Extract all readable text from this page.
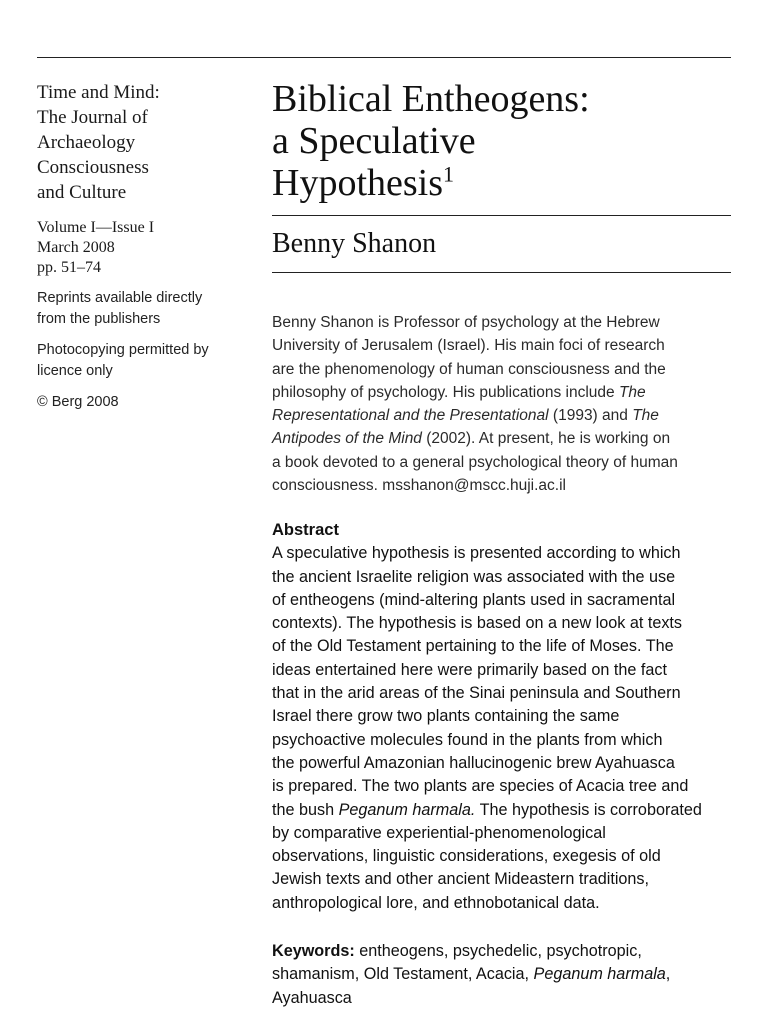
Time and Mind:
The Journal of
Archaeology
Consciousness
and Culture
Volume I—Issue I
March 2008
pp. 51–74
Reprints available directly
from the publishers
Photocopying permitted by
licence only
© Berg 2008
Biblical Entheogens:
a Speculative
Hypothesis$^1$
Benny Shanon
Benny Shanon is Professor of psychology at the Hebrew
University of Jerusalem (Israel). His main foci of research
are the phenomenology of human consciousness and the
philosophy of psychology. His publications include The
Representational and the Presentational (1993) and The
Antipodes of the Mind (2002). At present, he is working on
a book devoted to a general psychological theory of human
consciousness. msshanon@mscc.huji.ac.il
Abstract
A speculative hypothesis is presented according to which
the ancient Israelite religion was associated with the use
of entheogens (mind-altering plants used in sacramental
contexts). The hypothesis is based on a new look at texts
of the Old Testament pertaining to the life of Moses. The
ideas entertained here were primarily based on the fact
that in the arid areas of the Sinai peninsula and Southern
Israel there grow two plants containing the same
psychoactive molecules found in the plants from which
the powerful Amazonian hallucinogenic brew Ayahuasca
is prepared. The two plants are species of Acacia tree and
the bush Peganum harmala. The hypothesis is corroborated
by comparative experiential-phenomenological
observations, linguistic considerations, exegesis of old
Jewish texts and other ancient Mideastern traditions,
anthropological lore, and ethnobotanical data.
Keywords: entheogens, psychedelic, psychotropic,
shamanism, Old Testament, Acacia, Peganum harmala,
Ayahuasca
